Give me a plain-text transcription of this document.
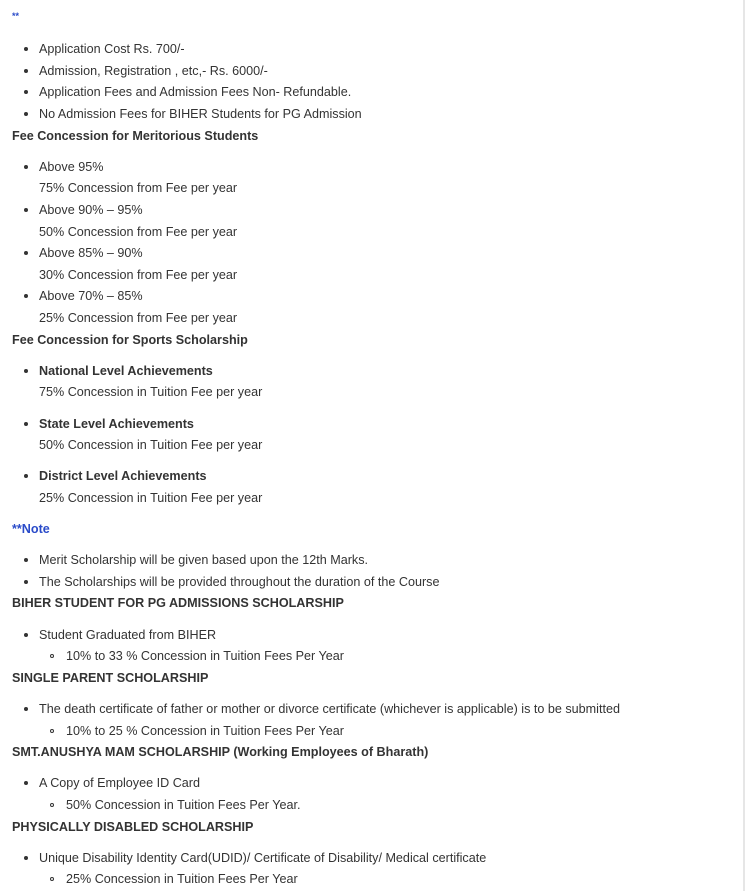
**
Application Cost Rs. 700/-
Admission, Registration , etc,- Rs. 6000/-
Application Fees and Admission Fees Non- Refundable.
No Admission Fees for BIHER Students for PG Admission
Fee Concession for Meritorious Students
Above 95%
75% Concession from Fee per year
Above 90% – 95%
50% Concession from Fee per year
Above 85% – 90%
30% Concession from Fee per year
Above 70% – 85%
25% Concession from Fee per year
Fee Concession for Sports Scholarship
National Level Achievements
75% Concession in Tuition Fee per year
State Level Achievements
50% Concession in Tuition Fee per year
District Level Achievements
25% Concession in Tuition Fee per year
**Note
Merit Scholarship will be given based upon the 12th Marks.
The Scholarships will be provided throughout the duration of the Course
BIHER STUDENT FOR PG ADMISSIONS SCHOLARSHIP
Student Graduated from BIHER
10% to 33 % Concession in Tuition Fees Per Year
SINGLE PARENT SCHOLARSHIP
The death certificate of father or mother or divorce certificate (whichever is applicable) is to be submitted
10% to 25 % Concession in Tuition Fees Per Year
SMT.ANUSHYA MAM SCHOLARSHIP (Working Employees of Bharath)
A Copy of Employee ID Card
50% Concession in Tuition Fees Per Year.
PHYSICALLY DISABLED SCHOLARSHIP
Unique Disability Identity Card(UDID)/ Certificate of Disability/ Medical certificate
25% Concession in Tuition Fees Per Year
